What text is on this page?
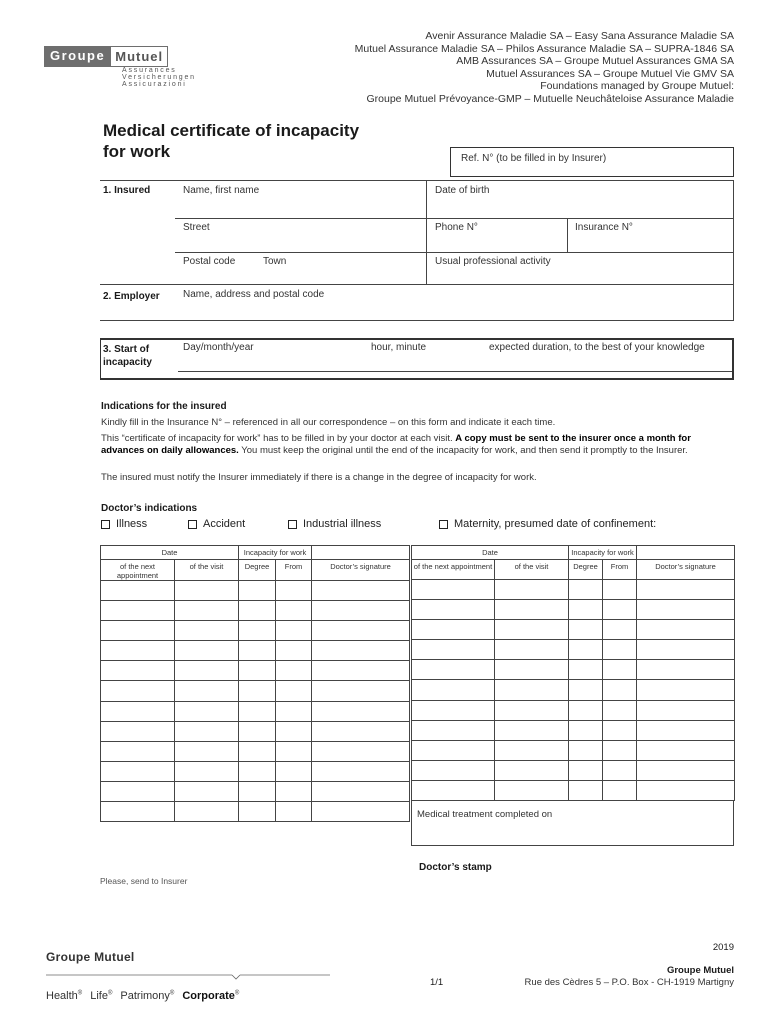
Groupe Mutuel
Assurances
Versicherungen
Assicurazioni
Avenir Assurance Maladie SA – Easy Sana Assurance Maladie SA
Mutuel Assurance Maladie SA – Philos Assurance Maladie SA – SUPRA-1846 SA
AMB Assurances SA – Groupe Mutuel Assurances GMA SA
Mutuel Assurances SA – Groupe Mutuel Vie GMV SA
Foundations managed by Groupe Mutuel:
Groupe Mutuel Prévoyance-GMP – Mutuelle Neuchâteloise Assurance Maladie
Medical certificate of incapacity
for work	Ref. N° (to be filled in by Insurer)
1. Insured	Name, first name	Date of birth
Street	Phone N°	Insurance N°
Postal code	Town	Usual professional activity
2. Employer Name, address and postal code
3. Start of
incapacity
Day/month/year	hour, minute	expected duration, to the best of your knowledge
Indications for the insured
Kindly fill in the Insurance N° – referenced in all our correspondence – on this form and indicate it each time.
This “certificate of incapacity for work” has to be filled in by your doctor at each visit. A copy must be sent to the insurer once a month for advances on daily allowances. You must keep the original until the end of the incapacity for work, and then send it promptly to the Insurer.
The insured must notify the Insurer immediately if there is a change in the degree of incapacity for work.
Doctor’s indications
Illness	Accident	Industrial illness	Maternity, presumed date of confinement:
Date		Incapacity for work		
of the next appointment	of the visit	Degree	From	Doctor’s signature

Date		Incapacity for work		
of the next appointment	of the visit	Degree	From	Doctor’s signature

Medical treatment completed on
Doctor’s stamp
Please, send to Insurer
Groupe Mutuel
Health® Life® Patrimony® Corporate®
2019
Groupe Mutuel
1/1	Rue des Cèdres 5 – P.O. Box - CH-1919 Martigny
